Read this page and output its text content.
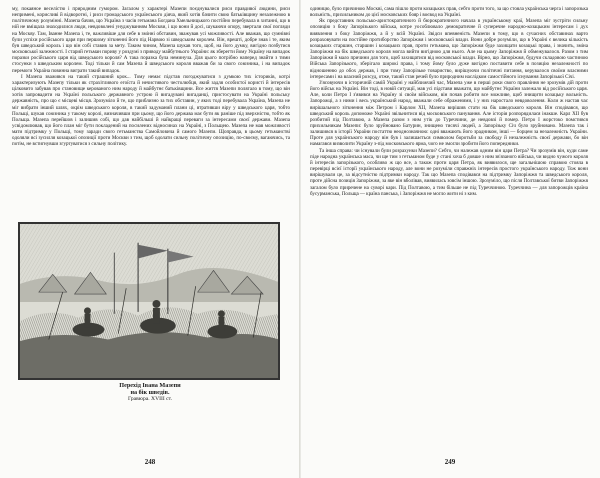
му, покаяное веселістю і природним гумором. Загалом у характері Мазепи поєднувалися риси правдивої людини, риси непримені, корисливі й відворотні, і риси громадського українського діяча, який хотів бачити свою батьківщину незалежною в політичному розумінні. Мазепа бачив, що Україна з часів гетьмана Богдана Хмельницького постійно перебувала в хитанні, що в ній не вміщала знаходилися люди, невдоволені унуджуванням Москви, і що вони й досі, шукаючи опору, звертали свої погляди на Москву. Там, Іванне Мазепа і, те, важливіше для себе в змінні обставин, зважував усі можливості. Але вважав, що сумнівні були успіхи російського царя при першому зіткненні його під Нарвою зі шведським королем. Він, врешті, добре знав і те, яким був шведський король і що він собі ставив за мету. Таким чином, Мазепа шукав того, щоб, на його думку, вигідно позбутися московської залежності. І старий гетьман пориву у роздумі з приводу майбутнього України: як зберегти йому Україну на випадок поразки російського царя від шведського короля? А така поразка була неминуча. Для цього потрібно наперед знайти з тими стосунки з шведським королем. Тоді тільки й сам Мазепа й шведського короля вважав би за свого союзника, і на випадок перемоги Україна повинна виграти такий випадок.

І Мазепа зважився на такий страшний крок... Тому немає підстав погоджуватися з думкою тих істориків, котрі характеризують Мазепу тільки як страхітливого егоїста й нечистивого честолюбця, який задля особистої користі й інтересів цілковито забував про становище керованого ним народу й майбутнє батьківщини. Все життя Мазепи полягало в тому, що він хотів запровадити на Україні польського державного устрою й вигадувані вигаданці, пристосувати на Україні польську державність, про що є місцеві місця. Зрозуміло й те, що приблизно за тих обставин, у яких тоді перебувала Україна, Мазепа не міг вибрати інший шлях, окрім шведського короля, в такий задуманий плани ці, втративши віру у шведського царя, тобто Польщі, шукав союзника у такому королі, визначивши при цьому, що його держава має бути як раніше під зверхністю, тобто як Польща. Мазепа перейшов і залишив собі, що дав найбільші й найкращі переваги за інтересами своєї держави. Мазепа усвідомлював, що його план міг бути покладений на посилених відносинах на Україні, з Польщею. Мазепа не мав можливості мати підтримку у Польщі, тому заради свого гетьманства Самойловича й самого Мазепи. Щоправда, в цьому гетьманстві одоляли всі зусилля козацької опозиції проти Москви з тим, щоб одолати сильну політичну опозицію, по-своєму, вагаючись, та потім, не встигнувши згуртуватися з сильну політику.

Перехід Івана Мазепи
на бік шведів.
Гравюра. XVIII ст.
248

одиницю, було причиною Москві, сама пішло проти козацьких прав, себто проти того, за що стояла українська черга і запорозька вольність, прихильником до цієї московських бояр і воєвод на Україні.

Як представник польсько-аристократичного й бюрократичного начала в українському краї, Мазепа міг зустріти сильну опозицію з боку Запорізького війська, котре уособлювало демократичне й суперечне народно-козацьким інтересам і дух виявлення з боку Запоріжжя, а й у всій Україні. Звідси впевненість Мазепи в тому, що в сучасних обставинах варто розраховувати на постійне протиборство Запоріжжя і московської влади. Вони добре розуміли, що в Україні є велика кількість козацьких старшин, старшин і козацьких прав, проти гетьмана, що Запоріжжя буде захищати козацькі права, і значить, зміна Запоріжжя на бік шведського короля могла вийти вигідною для нього. Але на цьому Запоріжжя й обмежувалося. Разом з тим Запоріжжя й мало причини для того, щоб захищатися від московської влади. Вірно, що Запоріжжя, будучи складовою частиною Війська Запорізького, зберігало широкі права, і тому йому було дуже вигідно поставити себе в позицію незалежності по відношенню до обох держав, і при тому Запорізьке товариство, вирішуючи політичні питання, керувалося своїми власними інтересами і на власний розсуд, отже, такий стан речей було природним наслідком самостійного існування Запорізької Січі.

З'ясовуючи в історичній самій Україні у найближчий час, Мазепа уже в перші роки свого правління не зрозумів дій проти його військ на Україні. Він тоді, в новій ситуації, мав усі підстави вважати, що майбутнє України залежало від російського царя. Але, коли Петро І з'явився на Україну зі своїм військом, він почав робити все можливе, щоб знищити козацьку вольність. Запорожці, а з ними і весь український народ, вважали себе ображеними, і у них наростало невдоволення. Коли ж настав час вирішального зіткнення між Петром і Карлом XII, Мазепа вирішив стати на бік шведського короля. Він сподівався, що шведський король допоможе Україні звільнитися від московського панування. Але історія розпорядилася інакше. Карл XII був розбитий під Полтавою, а Мазепа разом з ним утік до Туреччини, де невдовзі й помер. Петро І жорстоко помстився прихильникам Мазепи: було зруйновано Батурин, знищено тисячі людей, а Запорізьку Січ було зруйновано. Мазепа так і залишився в історії України постаттю неоднозначною: одні вважають його зрадником, інші — борцем за незалежність України. Проте для українського народу він був і залишається символом боротьби за свободу й незалежність своєї держави, бо він намагався визволити Україну з-під московського ярма, чого не змогли зробити його попередники.

Та інша справа: чи існували були розрахунки Мазепи? Себто, чи належав одним він царя Петра? Чи зрозумів він, куди саме піде народна українська маса, чи ще тим з гетьманом буде у стані хоча б довше з ним зв'язаного війська, чи видно чужого короля й інтересів запорізького, особливо ж що все, а також проти царя Петра, як виявилося, ще загальнішою справою стояла в перевірці всієї історії українського народу, але вони не розуміли справжніх інтересів простого українського народу. Тож вони вирішували це, за відсутністю підтримки народу. Так що Мазепа сподівався на підтримку Запоріжжя та шведського короля, проте дійсна позиція Запоріжжя, за яке він вболівав, виявилась зовсім іншою. Зрозуміло, що після Полтавської битви Запоріжжя загалом було приречене на суворі кари. Під Полтавою, а тим більше не під Туреччиною. Туреччина — для запорожців країна бусурманська, Польща — країна панська, і Запоріжжя не могло жити ні з ким.

249
